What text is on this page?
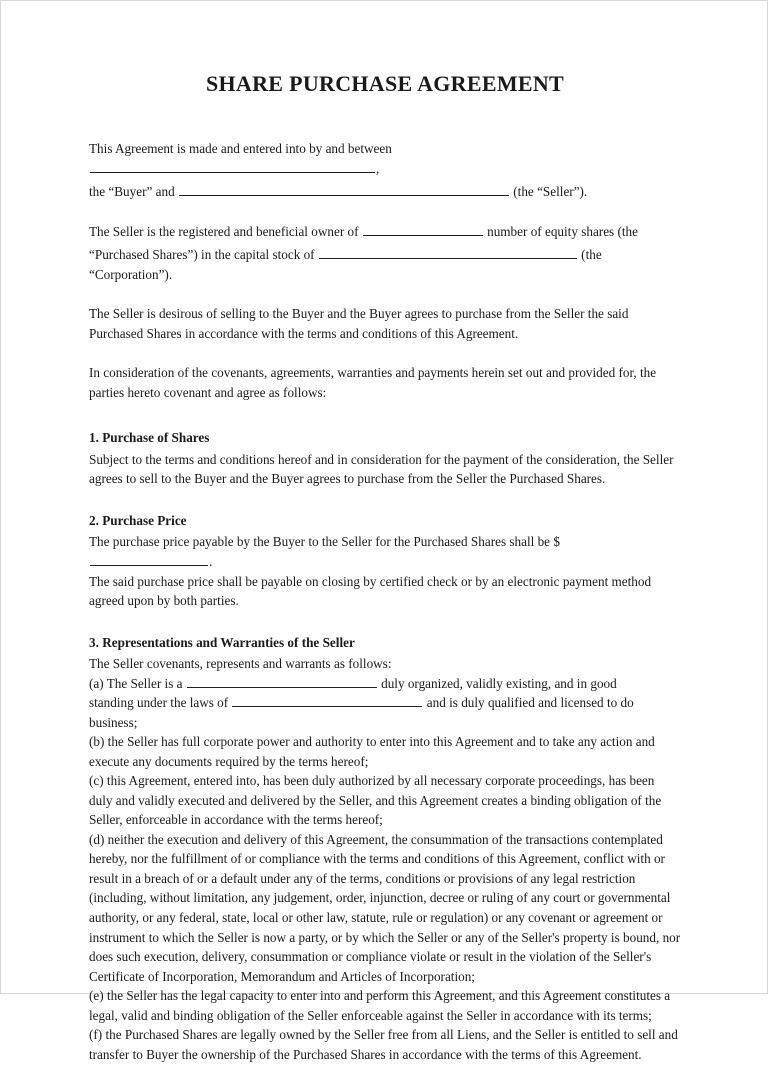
SHARE PURCHASE AGREEMENT

This Agreement is made and entered into by and between ,

the “Buyer” and	(the “Seller”).

The Seller is the registered and beneficial owner of	number of equity shares (the

“Purchased Shares”) in the capital stock of	(the “Corporation”).

The Seller is desirous of selling to the Buyer and the Buyer agrees to purchase from the Seller the said Purchased Shares in accordance with the terms and conditions of this Agreement.

In consideration of the covenants, agreements, warranties and payments herein set out and provided for, the parties hereto covenant and agree as follows:

1. Purchase of Shares

Subject to the terms and conditions hereof and in consideration for the payment of the consideration, the Seller agrees to sell to the Buyer and the Buyer agrees to purchase from the Seller the Purchased Shares.

2. Purchase Price

The purchase price payable by the Buyer to the Seller for the Purchased Shares shall be $ .

The said purchase price shall be payable on closing by certified check or by an electronic payment method agreed upon by both parties.

3. Representations and Warranties of the Seller

The Seller covenants, represents and warrants as follows:

(a) The Seller is a	duly organized, validly existing, and in good

standing under the laws of	and is duly qualified and licensed to do business;

(b) the Seller has full corporate power and authority to enter into this Agreement and to take any action and execute any documents required by the terms hereof;

(c) this Agreement, entered into, has been duly authorized by all necessary corporate proceedings, has been duly and validly executed and delivered by the Seller, and this Agreement creates a binding obligation of the Seller, enforceable in accordance with the terms hereof;

(d) neither the execution and delivery of this Agreement, the consummation of the transactions contemplated hereby, nor the fulfillment of or compliance with the terms and conditions of this Agreement, conflict with or result in a breach of or a default under any of the terms, conditions or provisions of any legal restriction (including, without limitation, any judgement, order, injunction, decree or ruling of any court or governmental authority, or any federal, state, local or other law, statute, rule or regulation) or any covenant or agreement or instrument to which the Seller is now a party, or by which the Seller or any of the Seller's property is bound, nor does such execution, delivery, consummation or compliance violate or result in the violation of the Seller's Certificate of Incorporation, Memorandum and Articles of Incorporation;

(e) the Seller has the legal capacity to enter into and perform this Agreement, and this Agreement constitutes a legal, valid and binding obligation of the Seller enforceable against the Seller in accordance with its terms;

(f) the Purchased Shares are legally owned by the Seller free from all Liens, and the Seller is entitled to sell and transfer to Buyer the ownership of the Purchased Shares in accordance with the terms of this Agreement.
